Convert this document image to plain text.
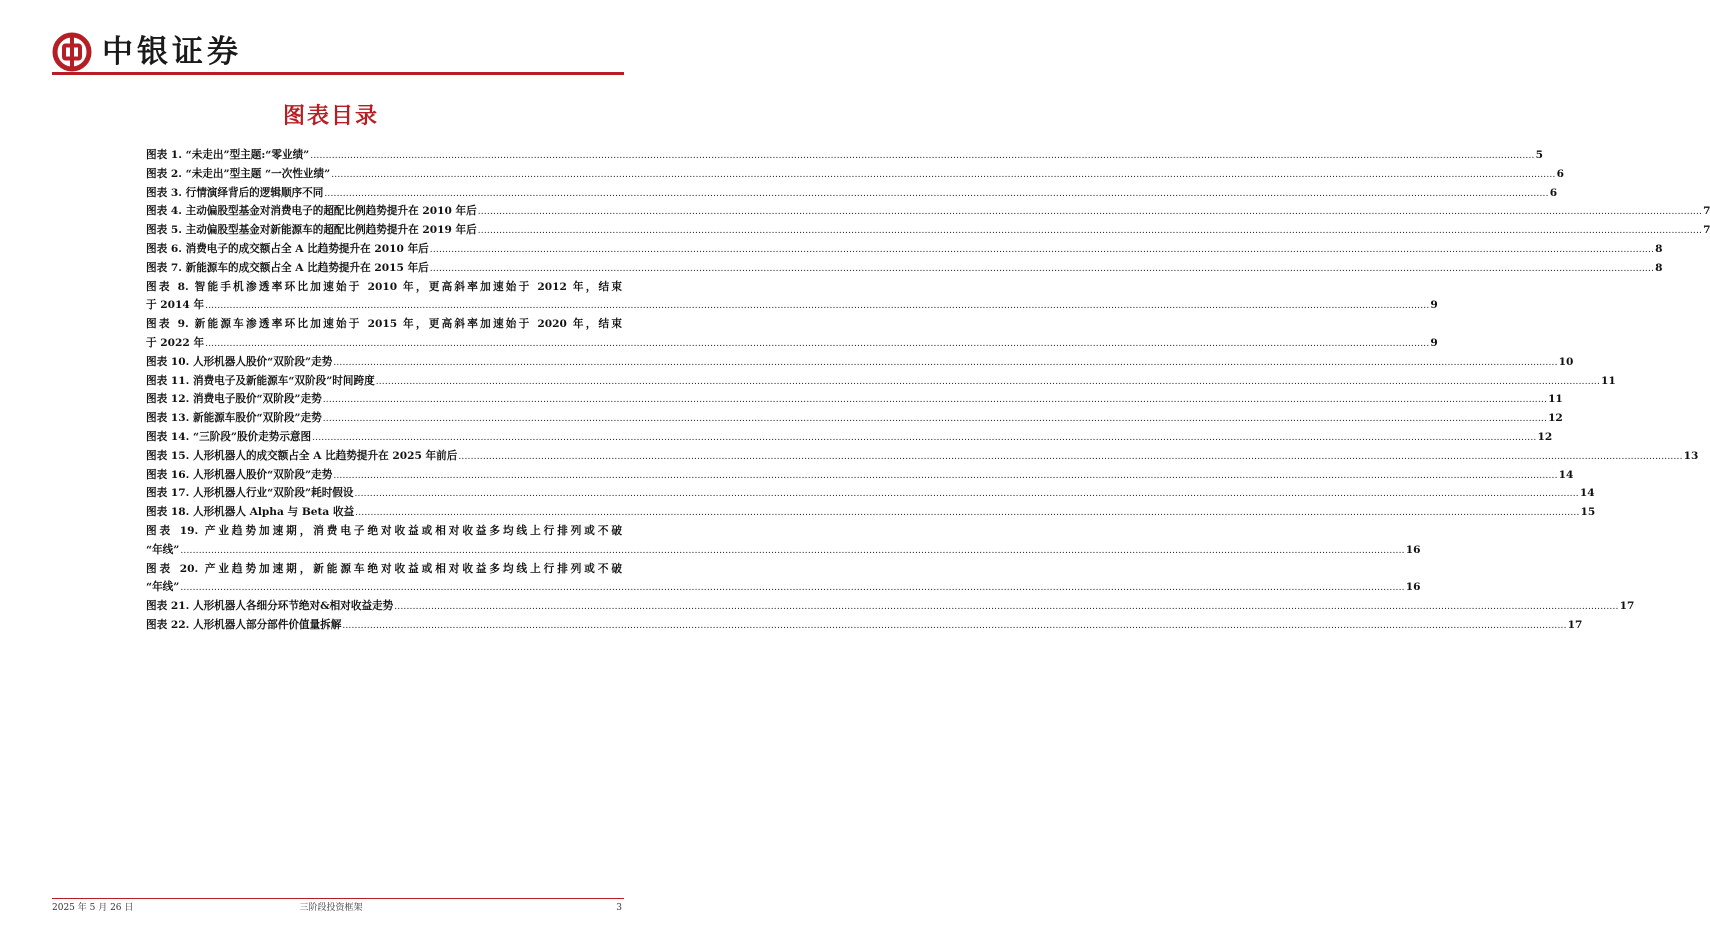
中银证券
图表目录
图表 1. “未走出”型主题:“零业绩” ................................................................................................................................................................................................................................................................................................................................................................................................................ 5
图表 2. “未走出”型主题 “一次性业绩” ................................................................................................................................................................................................................................................................................................................................................................................................................ 6
图表 3. 行情演绎背后的逻辑顺序不同 ................................................................................................................................................................................................................................................................................................................................................................................................................ 6
图表 4. 主动偏股型基金对消费电子的超配比例趋势提升在 2010 年后 ................................................................................................................................................................................................................................................................................................................................................................................................................ 7
图表 5. 主动偏股型基金对新能源车的超配比例趋势提升在 2019 年后 ................................................................................................................................................................................................................................................................................................................................................................................................................ 7
图表 6. 消费电子的成交额占全 A 比趋势提升在 2010 年后 ................................................................................................................................................................................................................................................................................................................................................................................................................ 8
图表 7. 新能源车的成交额占全 A 比趋势提升在 2015 年后 ................................................................................................................................................................................................................................................................................................................................................................................................................ 8
图表 8. 智能手机渗透率环比加速始于 2010 年，更高斜率加速始于 2012 年，结束
于 2014 年 ................................................................................................................................................................................................................................................................................................................................................................................................................ 9
图表 9. 新能源车渗透率环比加速始于 2015 年，更高斜率加速始于 2020 年，结束
于 2022 年 ................................................................................................................................................................................................................................................................................................................................................................................................................ 9
图表 10. 人形机器人股价“双阶段”走势 ................................................................................................................................................................................................................................................................................................................................................................................................................ 10
图表 11. 消费电子及新能源车“双阶段”时间跨度 ................................................................................................................................................................................................................................................................................................................................................................................................................ 11
图表 12. 消费电子股价“双阶段”走势 ................................................................................................................................................................................................................................................................................................................................................................................................................ 11
图表 13. 新能源车股价“双阶段”走势 ................................................................................................................................................................................................................................................................................................................................................................................................................ 12
图表 14. “三阶段”股价走势示意图 ................................................................................................................................................................................................................................................................................................................................................................................................................ 12
图表 15. 人形机器人的成交额占全 A 比趋势提升在 2025 年前后 ................................................................................................................................................................................................................................................................................................................................................................................................................ 13
图表 16. 人形机器人股价“双阶段”走势 ................................................................................................................................................................................................................................................................................................................................................................................................................ 14
图表 17. 人形机器人行业“双阶段”耗时假设 ................................................................................................................................................................................................................................................................................................................................................................................................................ 14
图表 18. 人形机器人 Alpha 与 Beta 收益 ................................................................................................................................................................................................................................................................................................................................................................................................................ 15
图表 19. 产业趋势加速期，消费电子绝对收益或相对收益多均线上行排列或不破
“年线” ................................................................................................................................................................................................................................................................................................................................................................................................................ 16
图表 20. 产业趋势加速期，新能源车绝对收益或相对收益多均线上行排列或不破
“年线” ................................................................................................................................................................................................................................................................................................................................................................................................................ 16
图表 21. 人形机器人各细分环节绝对&相对收益走势 ................................................................................................................................................................................................................................................................................................................................................................................................................ 17
图表 22. 人形机器人部分部件价值量拆解 ................................................................................................................................................................................................................................................................................................................................................................................................................ 17
2025 年 5 月 26 日	三阶段投资框架	3
